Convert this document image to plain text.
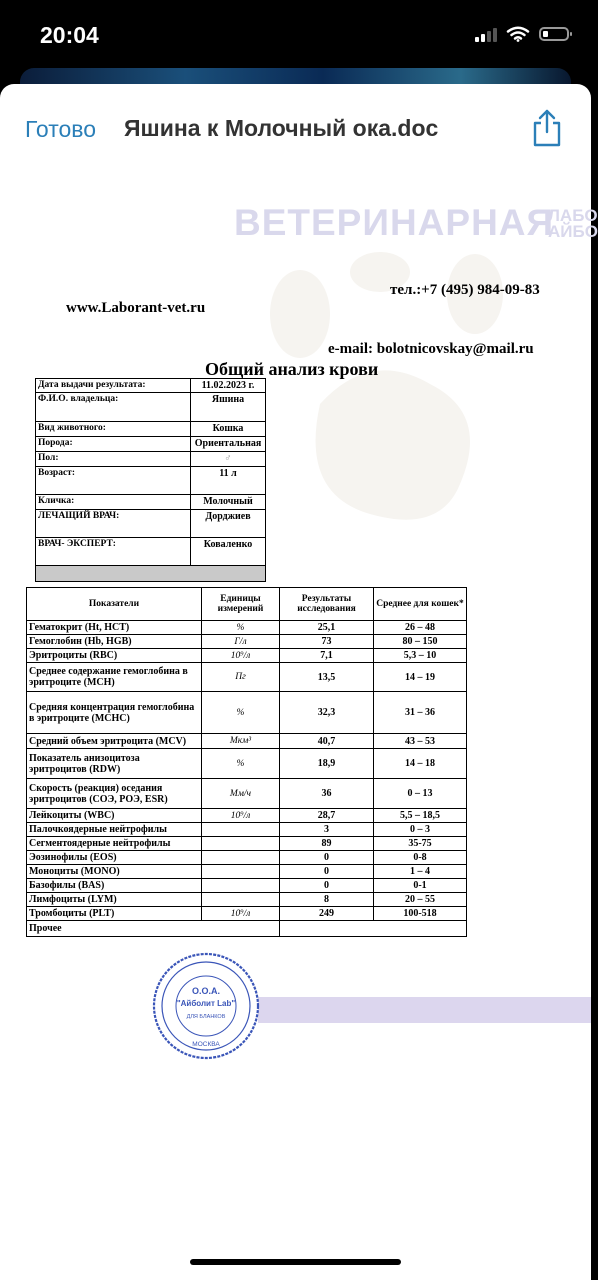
20:04
Готово Яшина к Молочный ока.doc
ВЕТЕРИНАРНАЯ
ЛАБО
АЙБО
тел.:+7 (495) 984-09-83
www.Laborant-vet.ru
e-mail: bolotnicovskay@mail.ru
Общий анализ крови
Дата выдачи результата:	11.02.2023 г.
Ф.И.О. владельца:	Яшина
Вид животного:	Кошка
Порода:	Ориентальная
Пол:	♂
Возраст:	11 л
Кличка:	Молочный
ЛЕЧАЩИЙ ВРАЧ:	Дорджиев
ВРАЧ- ЭКСПЕРТ:	Коваленко

Показатели	Единицы измерений	Результаты исследования	Среднее для кошек*
Гематокрит (Ht, HCT)	%	25,1	26 – 48
Гемоглобин (Hb, HGB)	Г/л	73	80 – 150
Эритроциты (RBC)	10⁹/л	7,1	5,3 – 10
Среднее содержание гемоглобина в эритроците (MCH)	Пг	13,5	14 – 19
Средняя концентрация гемоглобина в эритроците (MCHC)	%	32,3	31 – 36
Средний объем эритроцита (MCV)	Мкм³	40,7	43 – 53
Показатель анизоцитоза эритроцитов (RDW)	%	18,9	14 – 18
Скорость (реакция) оседания эритроцитов (СОЭ, РОЭ, ESR)	Мм/ч	36	0 – 13
Лейкоциты (WBC)	10⁹/л	28,7	5,5 – 18,5
Палочкоядерные нейтрофилы		3	0 – 3
Сегментоядерные нейтрофилы		89	35-75
Эозинофилы (EOS)		0	0-8
Моноциты (MONO)		0	1 – 4
Базофилы (BAS)		0	0-1
Лимфоциты (LYM)		8	20 – 55
Тромбоциты (PLT)	10⁹/л	249	100-518
Прочее			
О.О.А.
"Айболит Lab"
ДЛЯ БЛАНКОВ
МОСКВА
